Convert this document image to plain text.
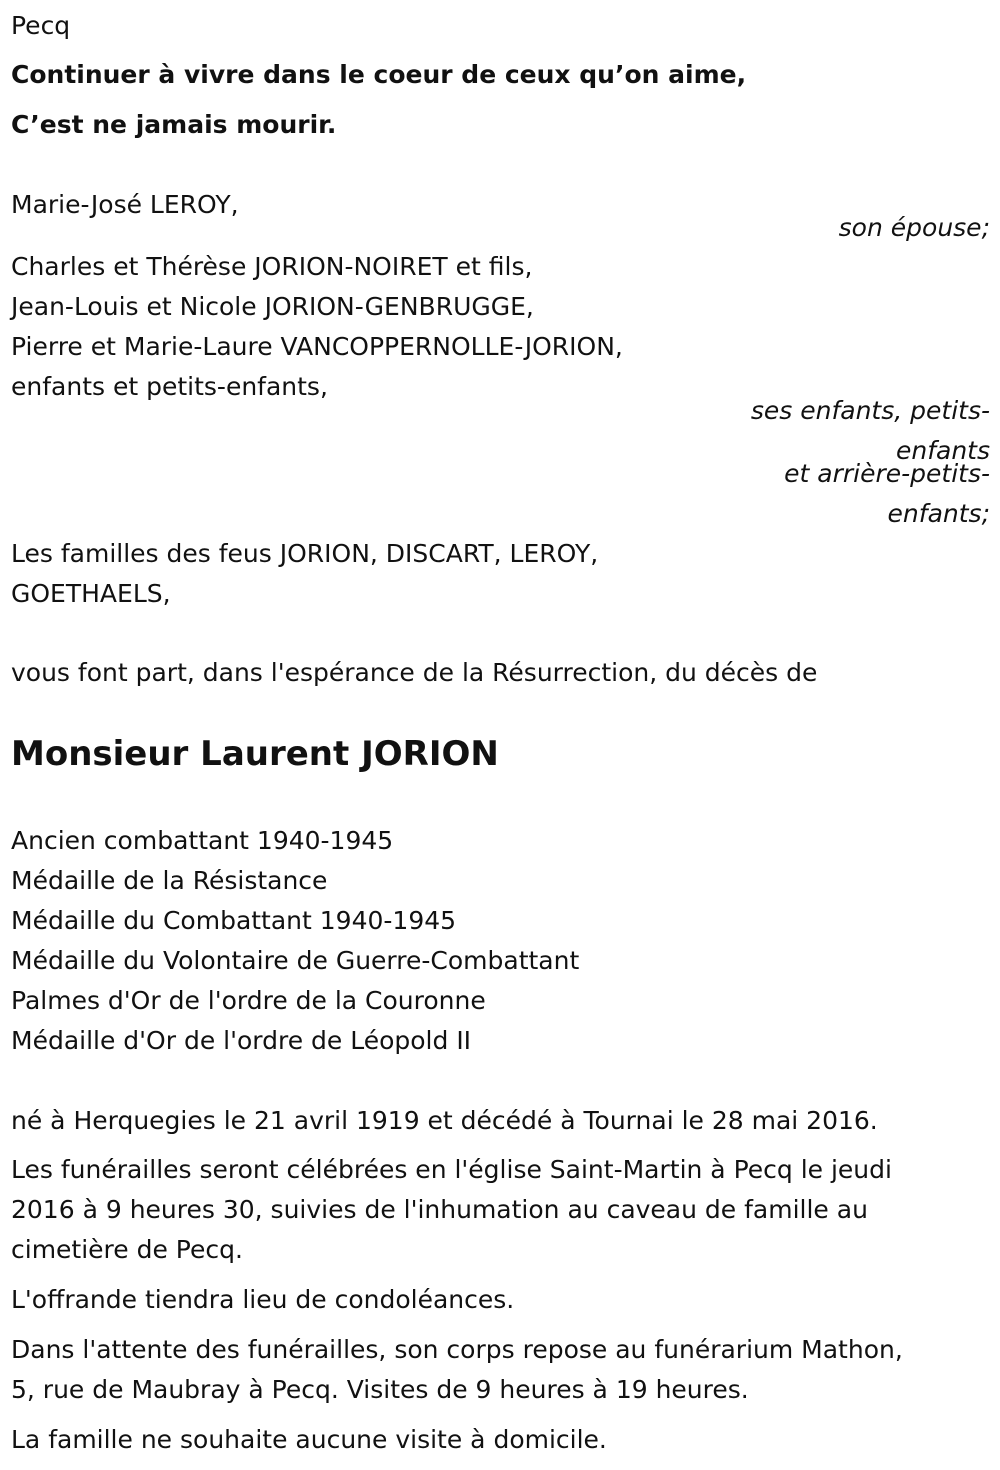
Pecq
Continuer à vivre dans le coeur de ceux qu’on aime,
C’est ne jamais mourir.
Marie-José LEROY,
son épouse;
Charles et Thérèse JORION-NOIRET et fils,
Jean-Louis et Nicole JORION-GENBRUGGE,
Pierre et Marie-Laure VANCOPPERNOLLE-JORION,
enfants et petits-enfants,
ses enfants, petits-
enfants
et arrière-petits-
enfants;
Les familles des feus JORION, DISCART, LEROY,
GOETHAELS,
vous font part, dans l'espérance de la Résurrection, du décès de
Monsieur Laurent JORION
Ancien combattant 1940-1945
Médaille de la Résistance
Médaille du Combattant 1940-1945
Médaille du Volontaire de Guerre-Combattant
Palmes d'Or de l'ordre de la Couronne
Médaille d'Or de l'ordre de Léopold II
né à Herquegies le 21 avril 1919 et décédé à Tournai le 28 mai 2016.
Les funérailles seront célébrées en l'église Saint-Martin à Pecq le jeudi
2016 à 9 heures 30, suivies de l'inhumation au caveau de famille au
cimetière de Pecq.
L'offrande tiendra lieu de condoléances.
Dans l'attente des funérailles, son corps repose au funérarium Mathon,
5, rue de Maubray à Pecq. Visites de 9 heures à 19 heures.
La famille ne souhaite aucune visite à domicile.
